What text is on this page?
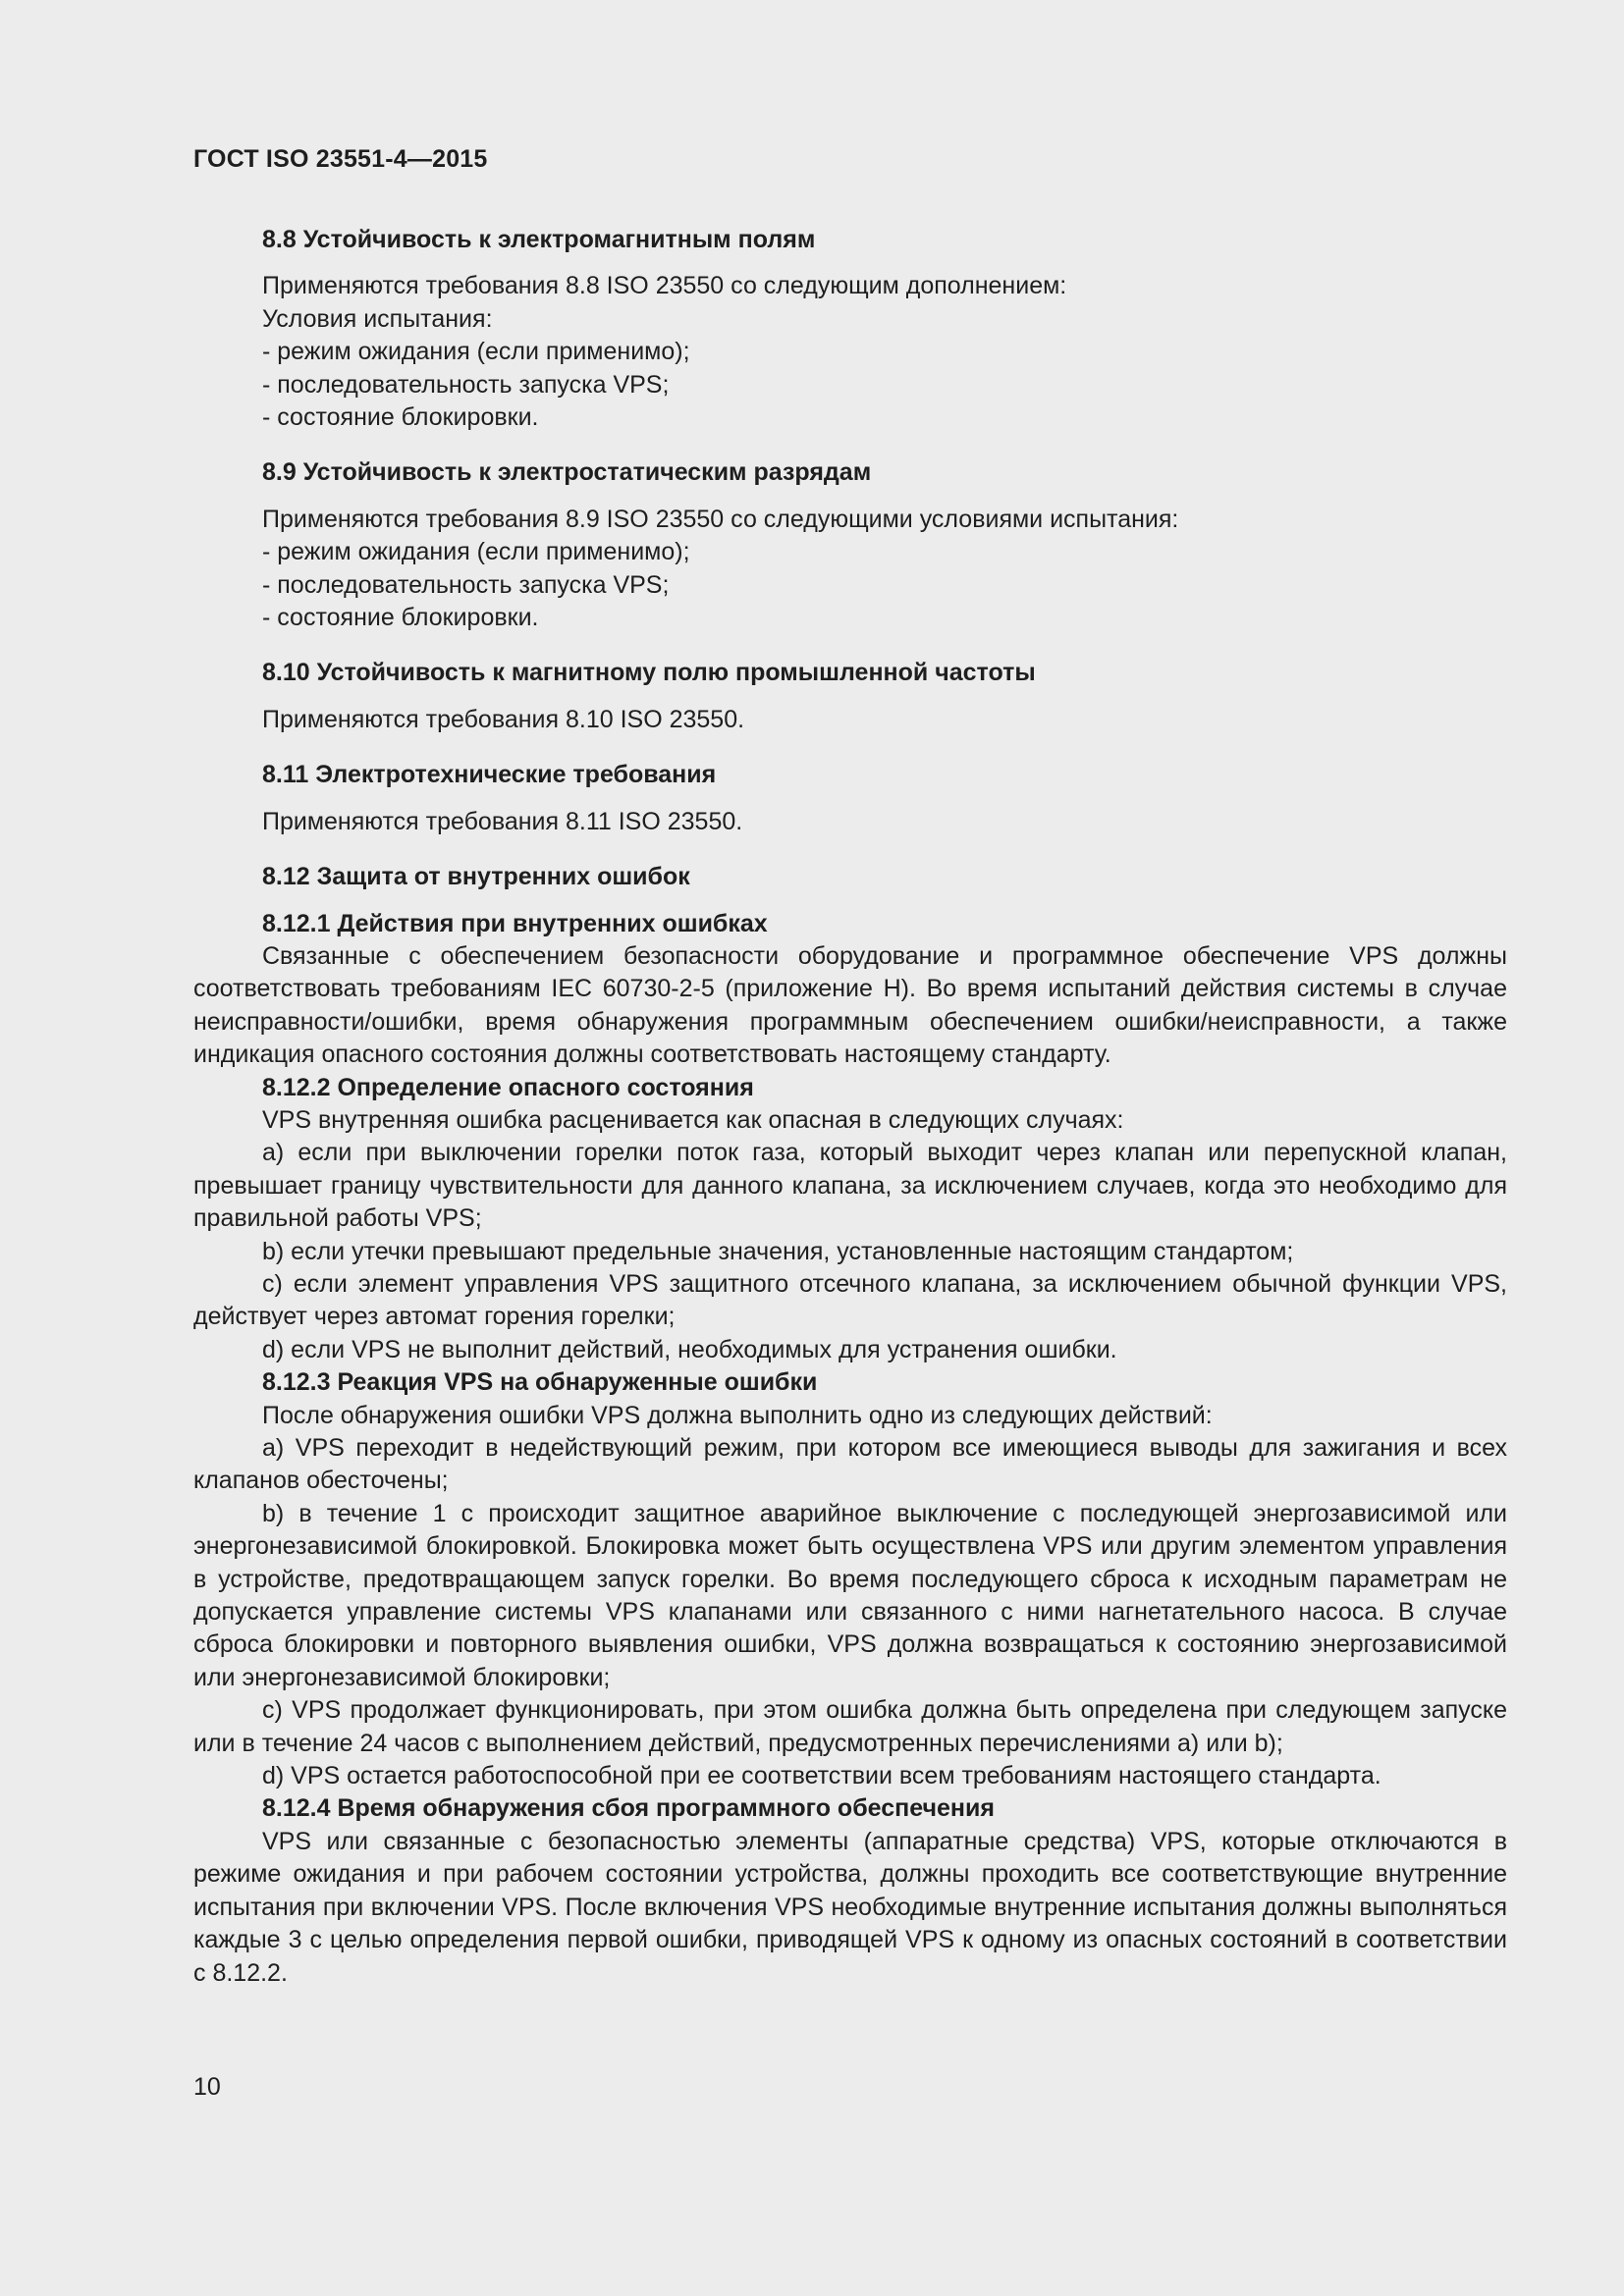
ГОСТ ISO 23551-4—2015
8.8 Устойчивость к электромагнитным полям
Применяются требования 8.8 ISO 23550 со следующим дополнением:
Условия испытания:
- режим ожидания (если применимо);
- последовательность запуска VPS;
- состояние блокировки.
8.9 Устойчивость к электростатическим разрядам
Применяются требования 8.9 ISO 23550 со следующими условиями испытания:
- режим ожидания (если применимо);
- последовательность запуска VPS;
- состояние блокировки.
8.10 Устойчивость к магнитному полю промышленной частоты
Применяются требования 8.10 ISO 23550.
8.11 Электротехнические требования
Применяются требования 8.11 ISO 23550.
8.12 Защита от внутренних ошибок
8.12.1 Действия при внутренних ошибках
Связанные с обеспечением безопасности оборудование и программное обеспечение VPS должны соответствовать требованиям IEC 60730-2-5 (приложение H). Во время испытаний действия системы в случае неисправности/ошибки, время обнаружения программным обеспечением ошибки/неисправности, а также индикация опасного состояния должны соответствовать настоящему стандарту.
8.12.2 Определение опасного состояния
VPS внутренняя ошибка расценивается как опасная в следующих случаях:
a) если при выключении горелки поток газа, который выходит через клапан или перепускной клапан, превышает границу чувствительности для данного клапана, за исключением случаев, когда это необходимо для правильной работы VPS;
b) если утечки превышают предельные значения, установленные настоящим стандартом;
c) если элемент управления VPS защитного отсечного клапана, за исключением обычной функции VPS, действует через автомат горения горелки;
d) если VPS не выполнит действий, необходимых для устранения ошибки.
8.12.3 Реакция VPS на обнаруженные ошибки
После обнаружения ошибки VPS должна выполнить одно из следующих действий:
a) VPS переходит в недействующий режим, при котором все имеющиеся выводы для зажигания и всех клапанов обесточены;
b) в течение 1 с происходит защитное аварийное выключение с последующей энергозависимой или энергонезависимой блокировкой. Блокировка может быть осуществлена VPS или другим элементом управления в устройстве, предотвращающем запуск горелки. Во время последующего сброса к исходным параметрам не допускается управление системы VPS клапанами или связанного с ними нагнетательного насоса. В случае сброса блокировки и повторного выявления ошибки, VPS должна возвращаться к состоянию энергозависимой или энергонезависимой блокировки;
c) VPS продолжает функционировать, при этом ошибка должна быть определена при следующем запуске или в течение 24 часов с выполнением действий, предусмотренных перечислениями a) или b);
d) VPS остается работоспособной при ее соответствии всем требованиям настоящего стандарта.
8.12.4 Время обнаружения сбоя программного обеспечения
VPS или связанные с безопасностью элементы (аппаратные средства) VPS, которые отключаются в режиме ожидания и при рабочем состоянии устройства, должны проходить все соответствующие внутренние испытания при включении VPS. После включения VPS необходимые внутренние испытания должны выполняться каждые 3 с целью определения первой ошибки, приводящей VPS к одному из опасных состояний в соответствии с 8.12.2.
10
